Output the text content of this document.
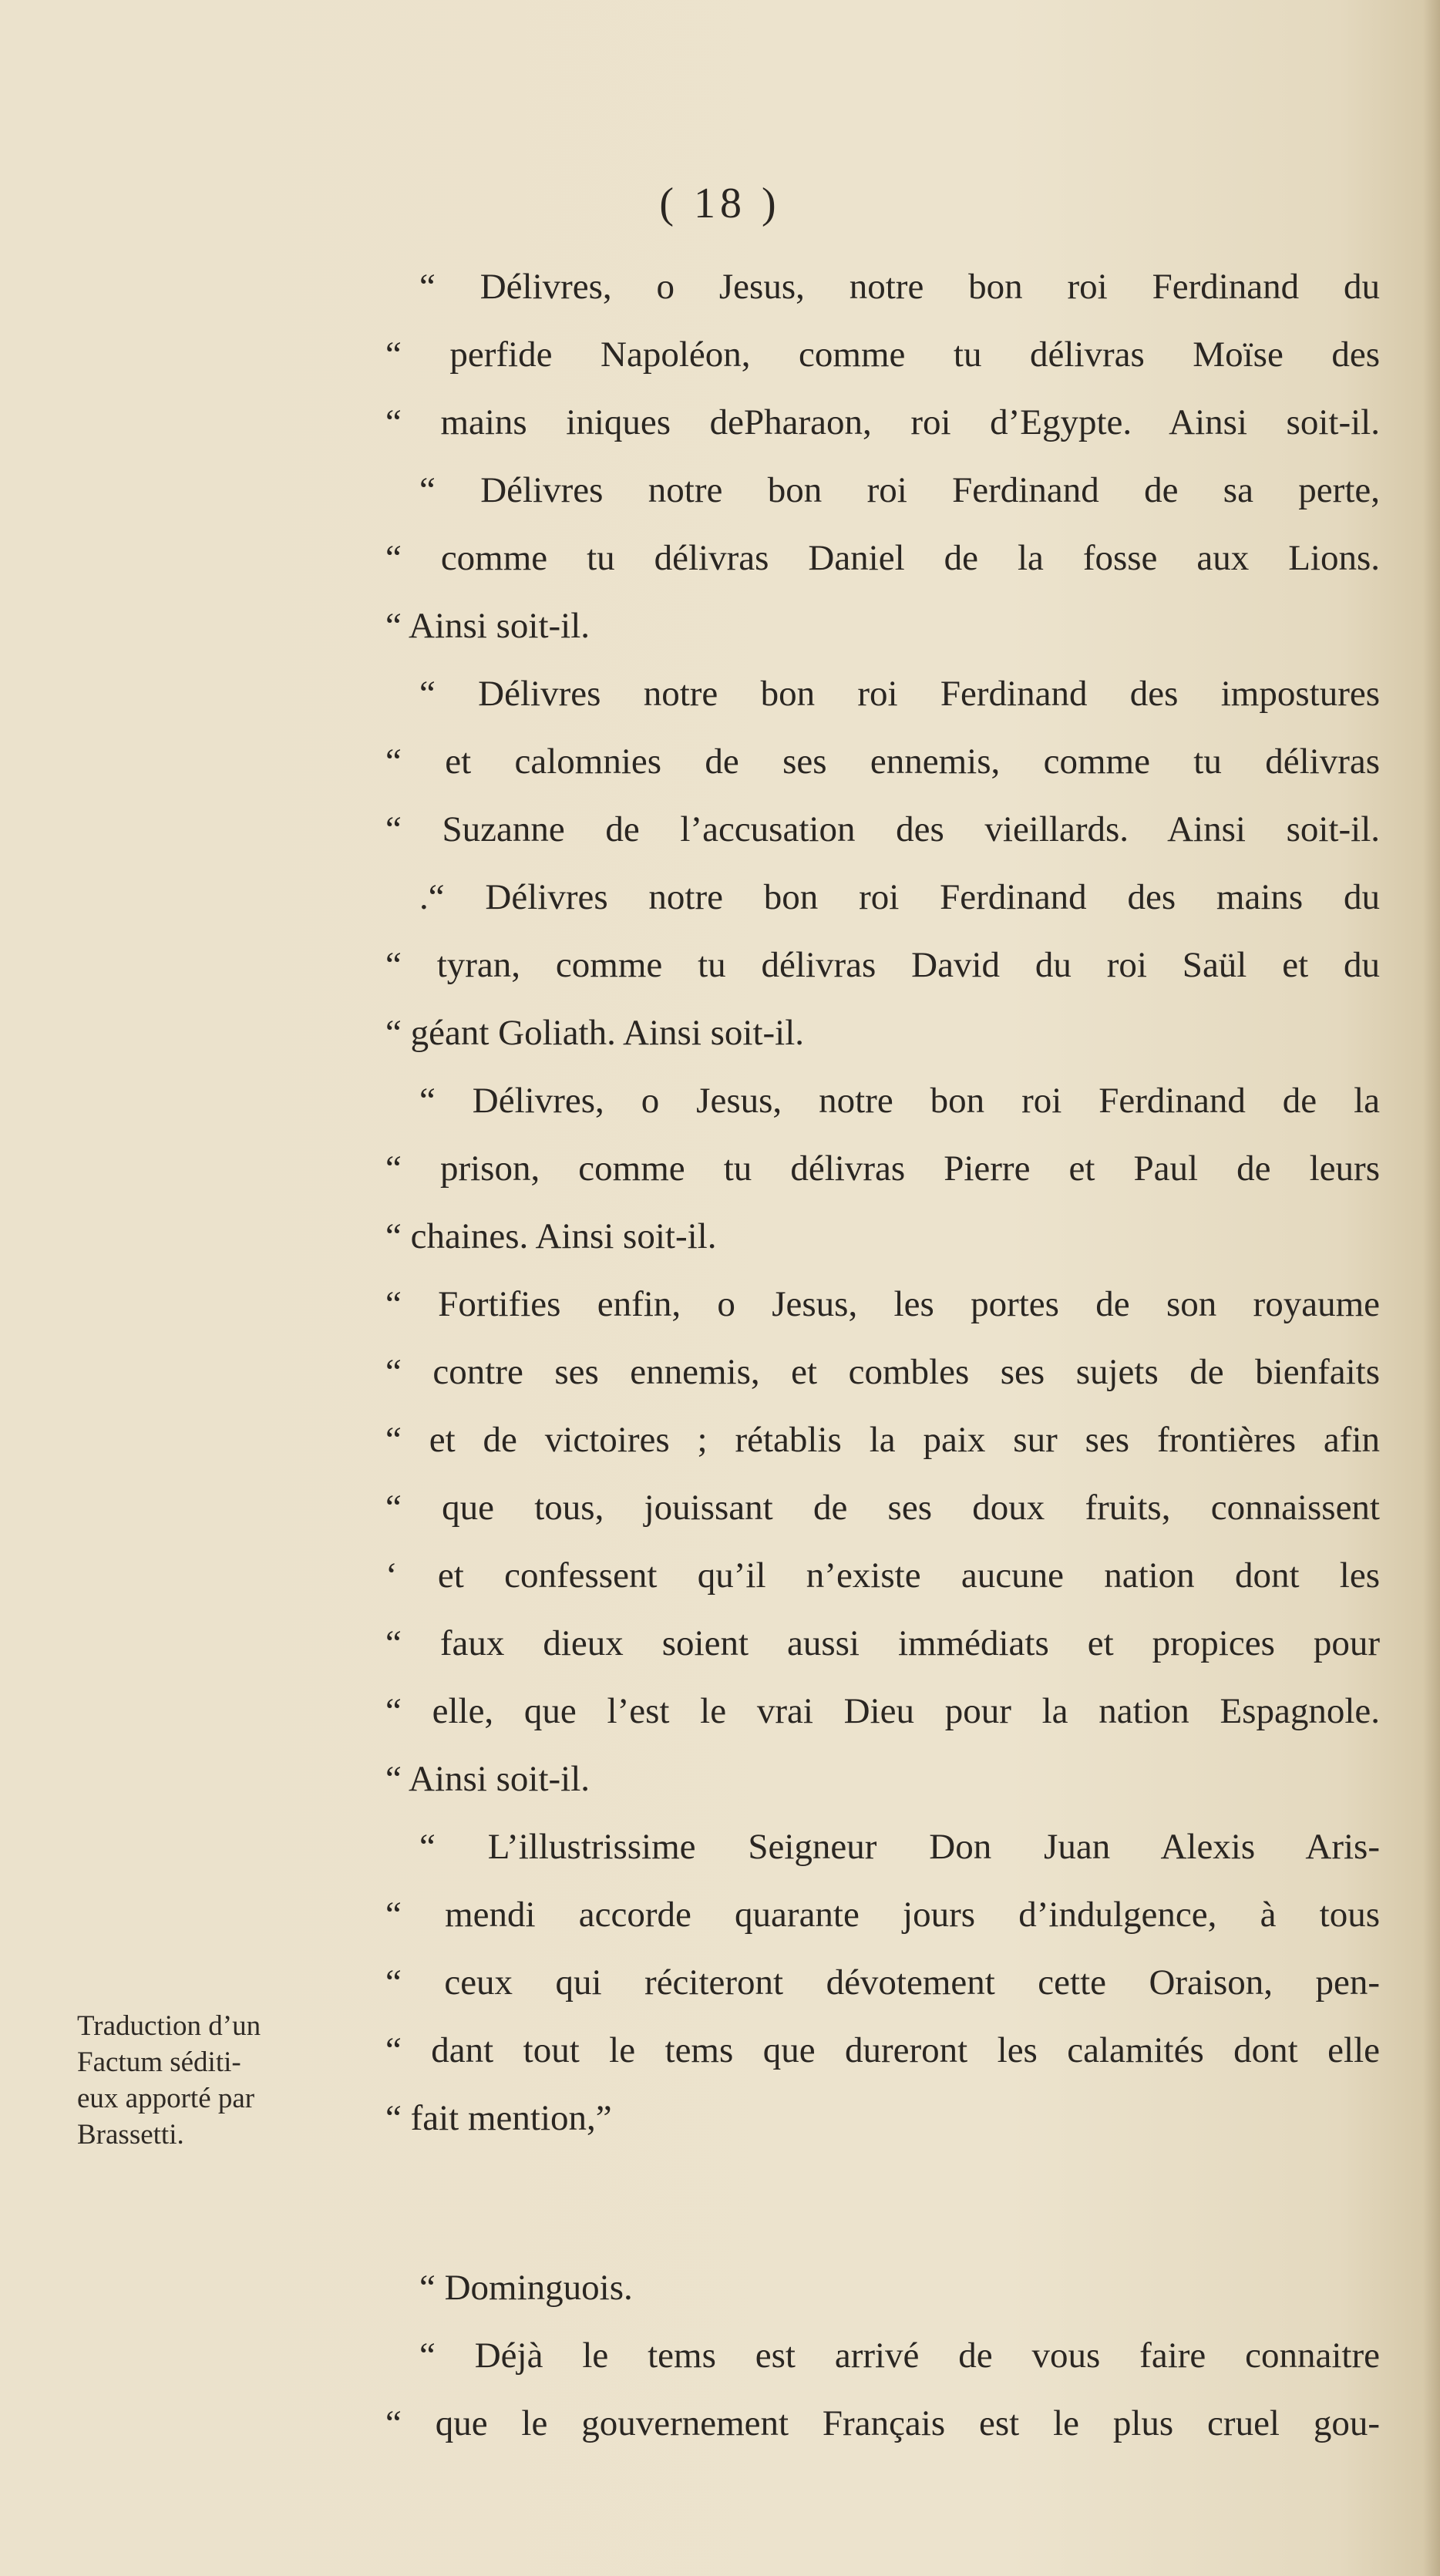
( 18 )
“ Délivres, o Jesus, notre bon roi Ferdinand du
“ perfide Napoléon, comme tu délivras Moïse des
“ mains iniques dePharaon, roi d’Egypte. Ainsi soit-il.
“ Délivres notre bon roi Ferdinand de sa perte,
“ comme tu délivras Daniel de la fosse aux Lions.
“ Ainsi soit-il.
“ Délivres notre bon roi Ferdinand des impostures
“ et calomnies de ses ennemis, comme tu délivras
“ Suzanne de l’accusation des vieillards. Ainsi soit-il.
.“ Délivres notre bon roi Ferdinand des mains du
“ tyran, comme tu délivras David du roi Saül et du
“ géant Goliath. Ainsi soit-il.
“ Délivres, o Jesus, notre bon roi Ferdinand de la
“ prison, comme tu délivras Pierre et Paul de leurs
“ chaines. Ainsi soit-il.
“ Fortifies enfin, o Jesus, les portes de son royaume
“ contre ses ennemis, et combles ses sujets de bienfaits
“ et de victoires ; rétablis la paix sur ses frontières afin
“ que tous, jouissant de ses doux fruits, connaissent
‘ et confessent qu’il n’existe aucune nation dont les
“ faux dieux soient aussi immédiats et propices pour
“ elle, que l’est le vrai Dieu pour la nation Espagnole.
“ Ainsi soit-il.
“ L’illustrissime Seigneur Don Juan Alexis Aris-
“ mendi accorde quarante jours d’indulgence, à tous
“ ceux qui réciteront dévotement cette Oraison, pen-
“ dant tout le tems que dureront les calamités dont elle
“ fait mention,”
“ Dominguois.
“ Déjà le tems est arrivé de vous faire connaitre
“ que le gouvernement Français est le plus cruel gou-
Traduction d’un
Factum séditi-
eux apporté par
Brassetti.
